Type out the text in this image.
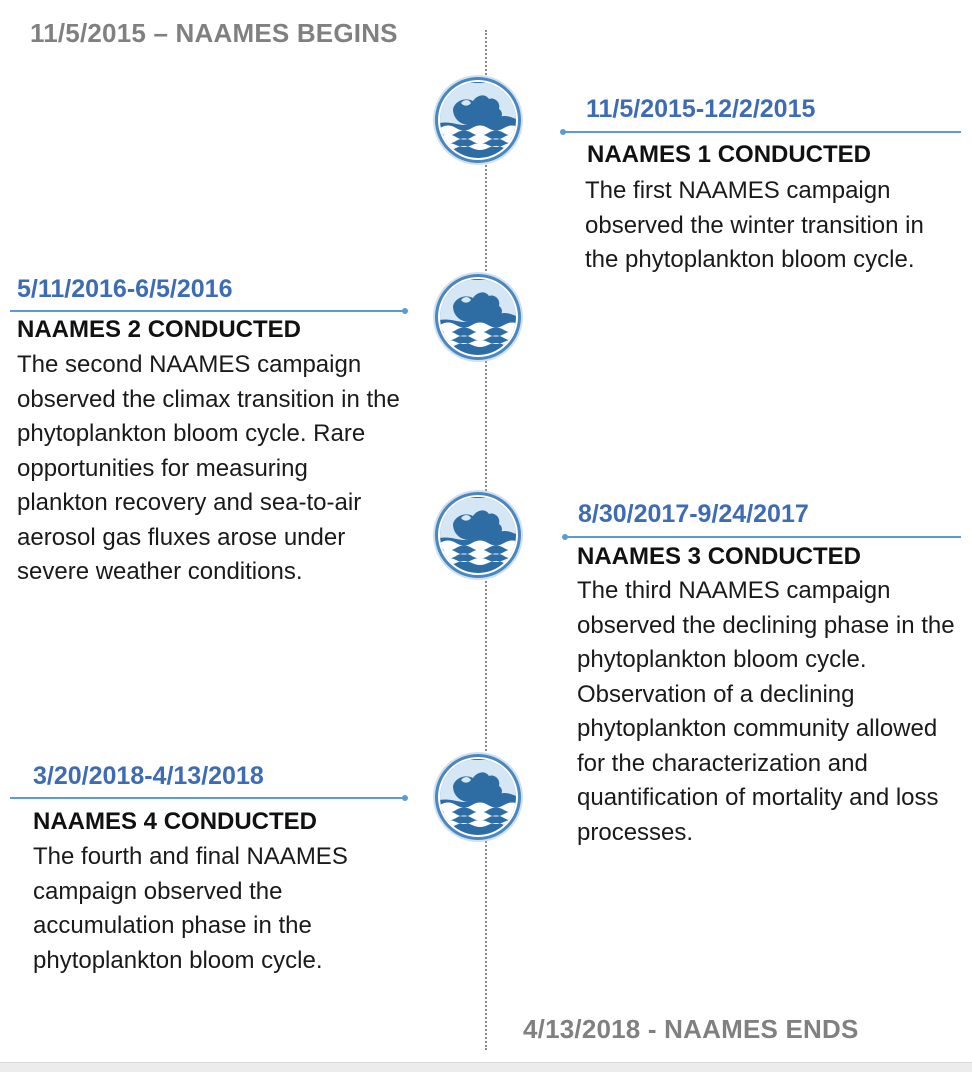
11/5/2015 – NAAMES BEGINS
4/13/2018 - NAAMES ENDS
11/5/2015-12/2/2015
NAAMES 1 CONDUCTED
The first NAAMES campaign observed the winter transition in the phytoplankton bloom cycle.
5/11/2016-6/5/2016
NAAMES 2 CONDUCTED
The second NAAMES campaign observed the climax transition in the phytoplankton bloom cycle. Rare opportunities for measuring plankton recovery and sea-to-air aerosol gas fluxes arose under severe weather conditions.
8/30/2017-9/24/2017
NAAMES 3 CONDUCTED
The third NAAMES campaign observed the declining phase in the phytoplankton bloom cycle. Observation of a declining phytoplankton community allowed for the characterization and quantification of mortality and loss processes.
3/20/2018-4/13/2018
NAAMES 4 CONDUCTED
The fourth and final NAAMES campaign observed the accumulation phase in the phytoplankton bloom cycle.
